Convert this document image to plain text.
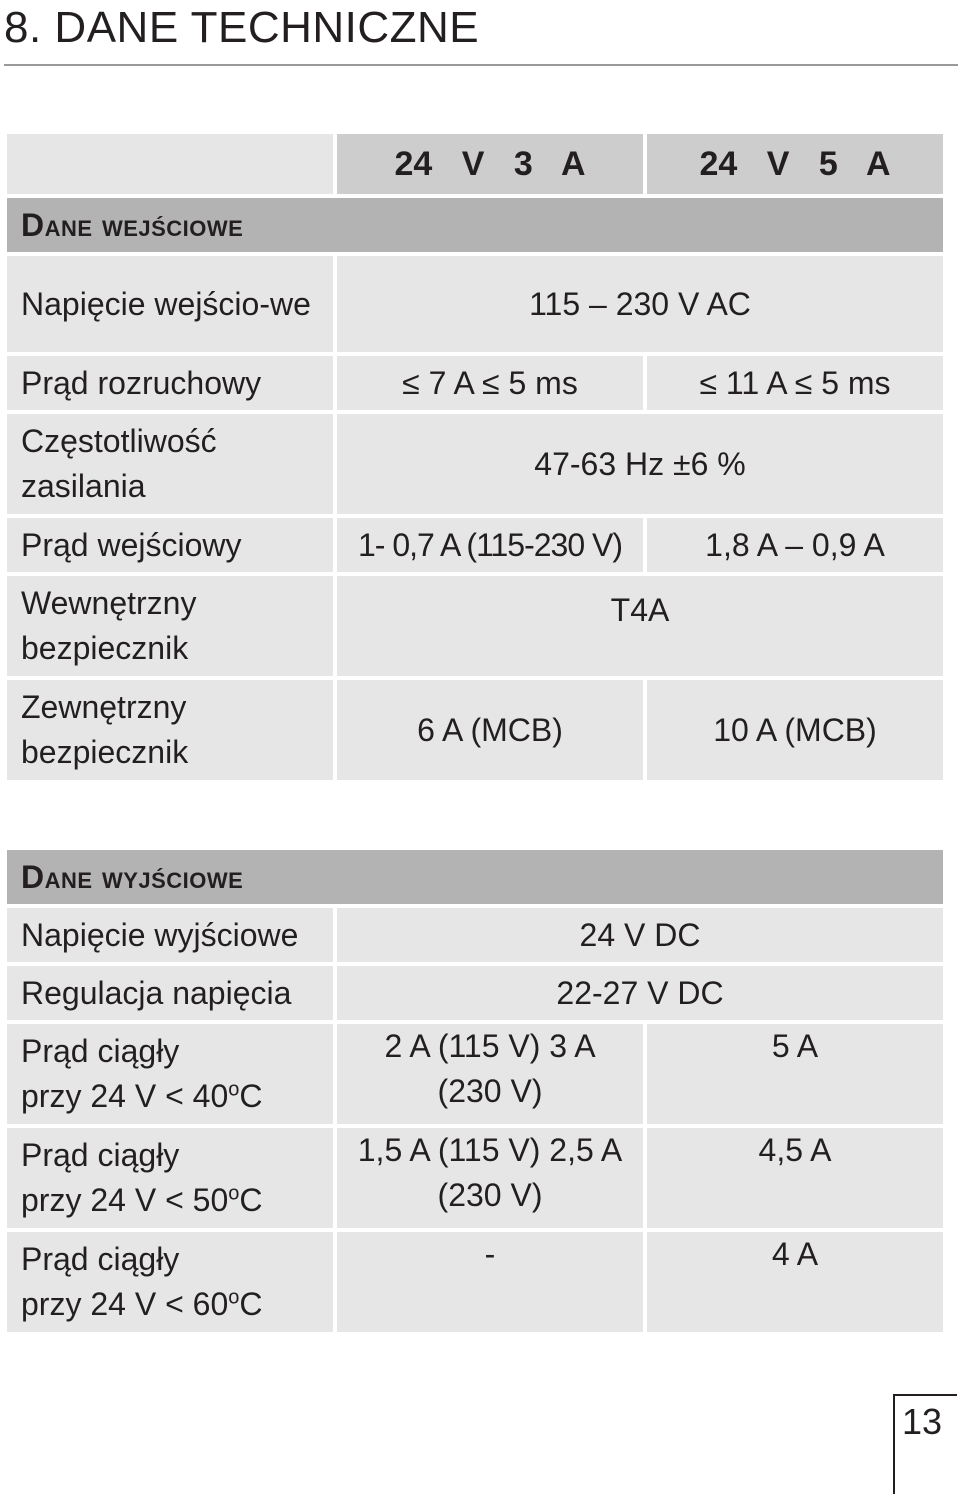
8. DANE TECHNICZNE
	24 V 3 A	24 V 5 A
Dane wejściowe		
Napięcie wejścio-we	115 – 230 V AC	
Prąd rozruchowy	≤ 7 A ≤ 5 ms	≤ 11 A ≤ 5 ms
Częstotliwość zasilania	47-63 Hz ±6 %	
Prąd wejściowy	1- 0,7 A (115-230 V)	1,8 A – 0,9 A
Wewnętrzny bezpiecznik	T4A	
Zewnętrzny bezpiecznik	6 A (MCB)	10 A (MCB)
Dane wyjściowe		
Napięcie wyjściowe	24 V DC	
Regulacja napięcia	22-27 V DC	

Prąd ciągły
przy 24 $V < 40^oC$	2 A (115 V) 3 A (230 V)	5 A

Prąd ciągły
przy 24 $V < 50^oC$	1,5 A (115 V) 2,5 A (230 V)	4,5 A

Prąd ciągły
przy 24 $V < 60^oC$	-	4 A
13
